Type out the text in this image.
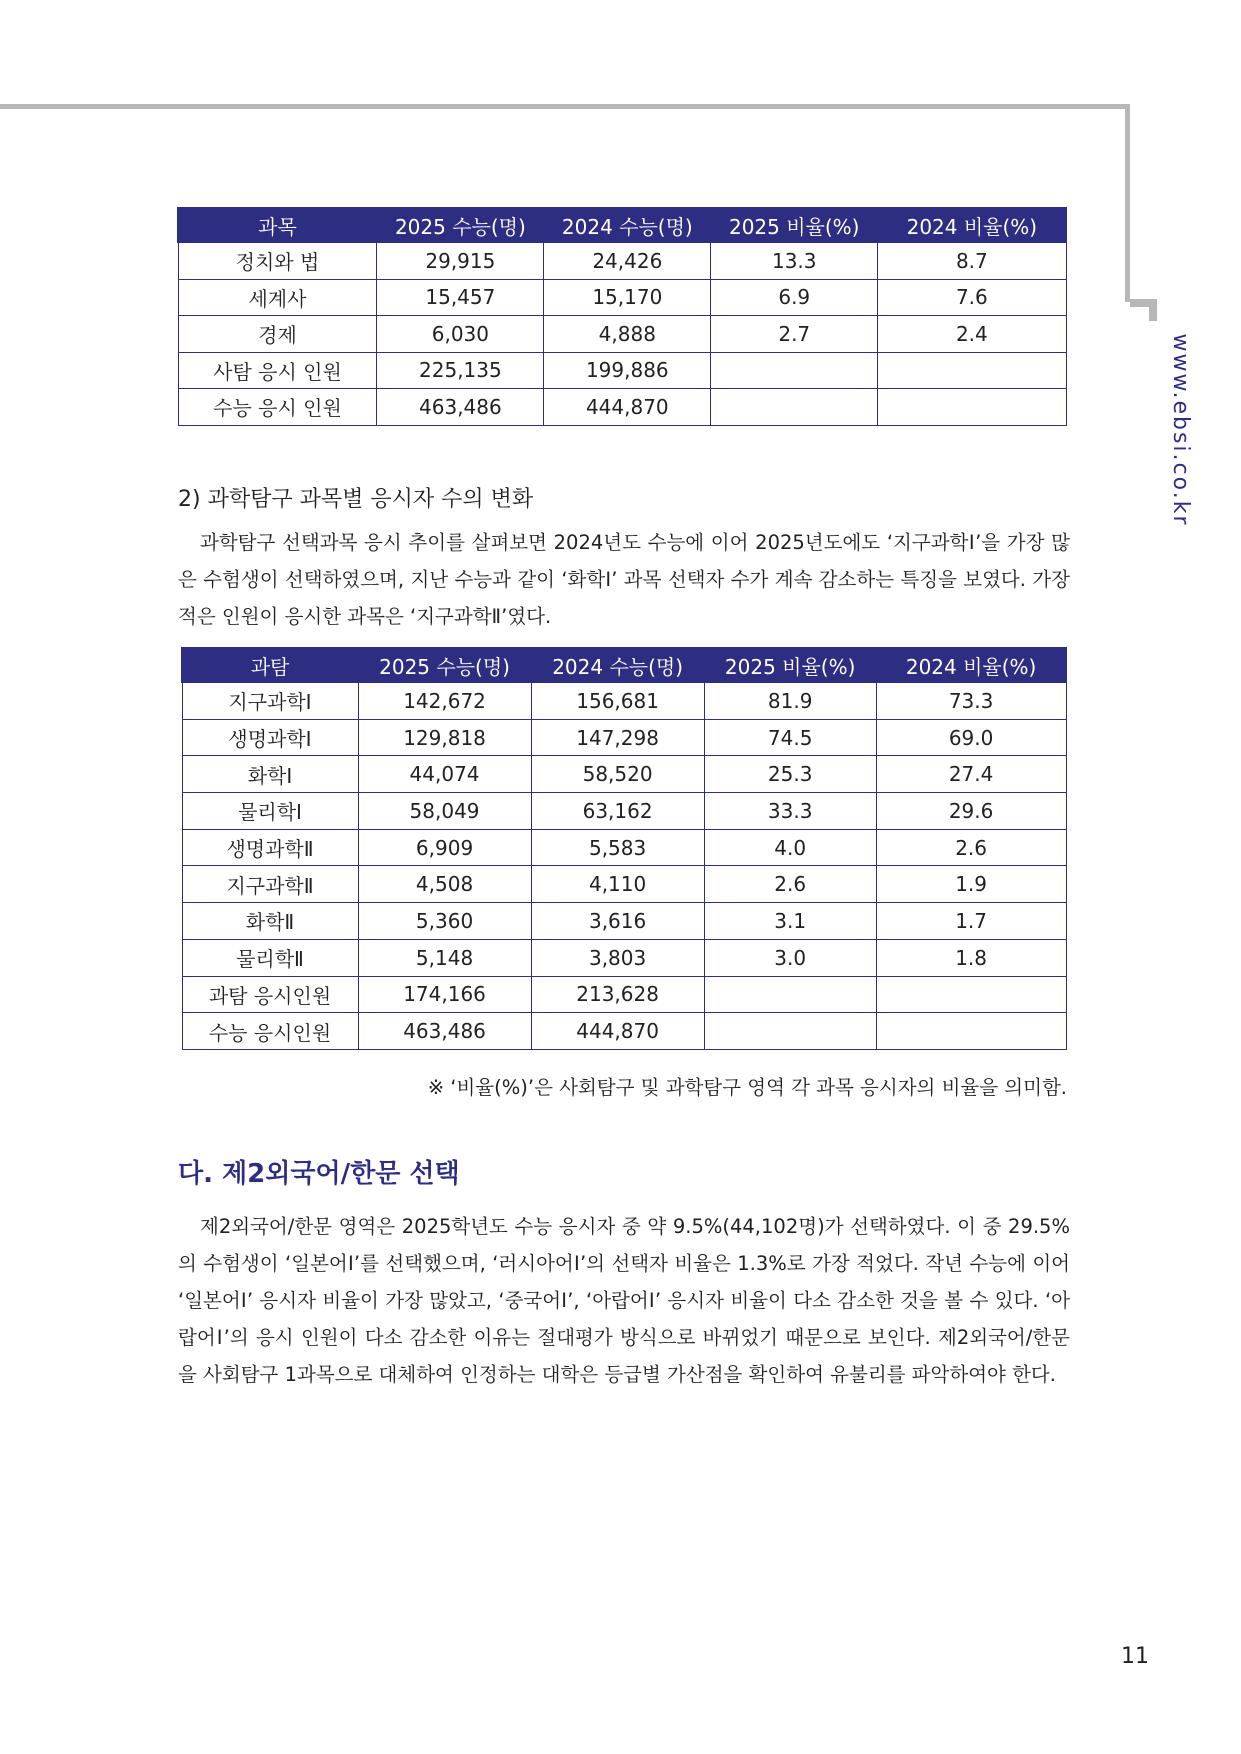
www.ebsi.co.kr
과목	2025 수능(명)	2024 수능(명)	2025 비율(%)	2024 비율(%)
정치와 법	29,915	24,426	13.3	8.7
세계사	15,457	15,170	6.9	7.6
경제	6,030	4,888	2.7	2.4
사탐 응시 인원	225,135	199,886		
수능 응시 인원	463,486	444,870		
2) 과학탐구 과목별 응시자 수의 변화

과학탐구 선택과목 응시 추이를 살펴보면 2024년도 수능에 이어 2025년도에도 ‘지구과학Ⅰ’을 가장 많은 수험생이 선택하였으며, 지난 수능과 같이 ‘화학Ⅰ’ 과목 선택자 수가 계속 감소하는 특징을 보였다. 가장 적은 인원이 응시한 과목은 ‘지구과학Ⅱ’였다.

과탐	2025 수능(명)	2024 수능(명)	2025 비율(%)	2024 비율(%)
지구과학Ⅰ	142,672	156,681	81.9	73.3
생명과학Ⅰ	129,818	147,298	74.5	69.0
화학Ⅰ	44,074	58,520	25.3	27.4
물리학Ⅰ	58,049	63,162	33.3	29.6
생명과학Ⅱ	6,909	5,583	4.0	2.6
지구과학Ⅱ	4,508	4,110	2.6	1.9
화학Ⅱ	5,360	3,616	3.1	1.7
물리학Ⅱ	5,148	3,803	3.0	1.8
과탐 응시인원	174,166	213,628		
수능 응시인원	463,486	444,870		
※ ‘비율(%)’은 사회탐구 및 과학탐구 영역 각 과목 응시자의 비율을 의미함.
다. 제2외국어/한문 선택

제2외국어/한문 영역은 2025학년도 수능 응시자 중 약 9.5%(44,102명)가 선택하였다. 이 중 29.5%의 수험생이 ‘일본어Ⅰ’를 선택했으며, ‘러시아어Ⅰ’의 선택자 비율은 1.3%로 가장 적었다. 작년 수능에 이어 ‘일본어Ⅰ’ 응시자 비율이 가장 많았고, ‘중국어Ⅰ’, ‘아랍어Ⅰ’ 응시자 비율이 다소 감소한 것을 볼 수 있다. ‘아랍어Ⅰ’의 응시 인원이 다소 감소한 이유는 절대평가 방식으로 바뀌었기 때문으로 보인다. 제2외국어/한문을 사회탐구 1과목으로 대체하여 인정하는 대학은 등급별 가산점을 확인하여 유불리를 파악하여야 한다.

11
